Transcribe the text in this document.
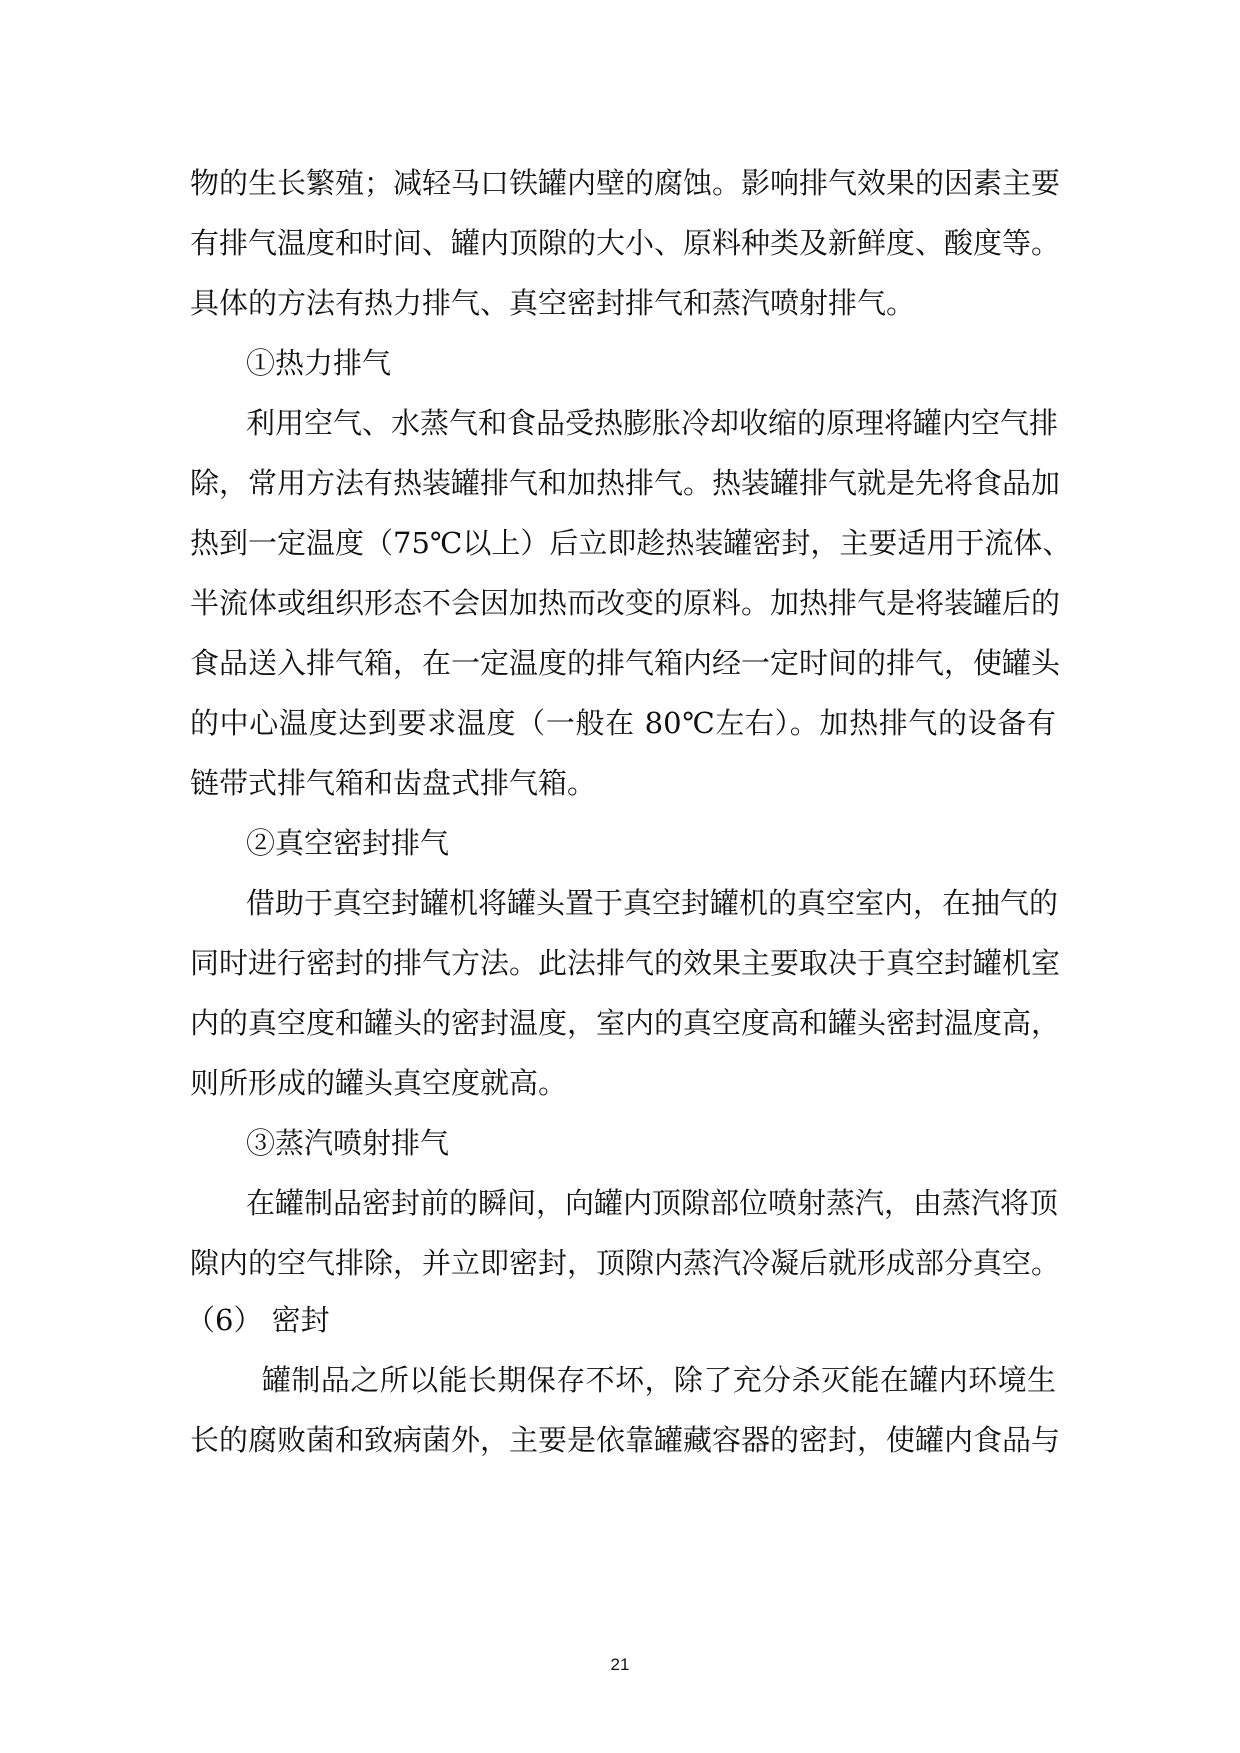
物的生长繁殖；减轻马口铁罐内壁的腐蚀。影响排气效果的因素主要
有排气温度和时间、罐内顶隙的大小、原料种类及新鲜度、酸度等。
具体的方法有热力排气、真空密封排气和蒸汽喷射排气。
①热力排气
利用空气、水蒸气和食品受热膨胀冷却收缩的原理将罐内空气排
除，常用方法有热装罐排气和加热排气。热装罐排气就是先将食品加
热到一定温度（75℃以上）后立即趁热装罐密封，主要适用于流体、
半流体或组织形态不会因加热而改变的原料。加热排气是将装罐后的
食品送入排气箱，在一定温度的排气箱内经一定时间的排气，使罐头
的中心温度达到要求温度（一般在 80℃左右）。加热排气的设备有
链带式排气箱和齿盘式排气箱。
②真空密封排气
借助于真空封罐机将罐头置于真空封罐机的真空室内，在抽气的
同时进行密封的排气方法。此法排气的效果主要取决于真空封罐机室
内的真空度和罐头的密封温度，室内的真空度高和罐头密封温度高，
则所形成的罐头真空度就高。
③蒸汽喷射排气
在罐制品密封前的瞬间，向罐内顶隙部位喷射蒸汽，由蒸汽将顶
隙内的空气排除，并立即密封，顶隙内蒸汽冷凝后就形成部分真空。
（6） 密封
罐制品之所以能长期保存不坏，除了充分杀灭能在罐内环境生
长的腐败菌和致病菌外，主要是依靠罐藏容器的密封，使罐内食品与
21
